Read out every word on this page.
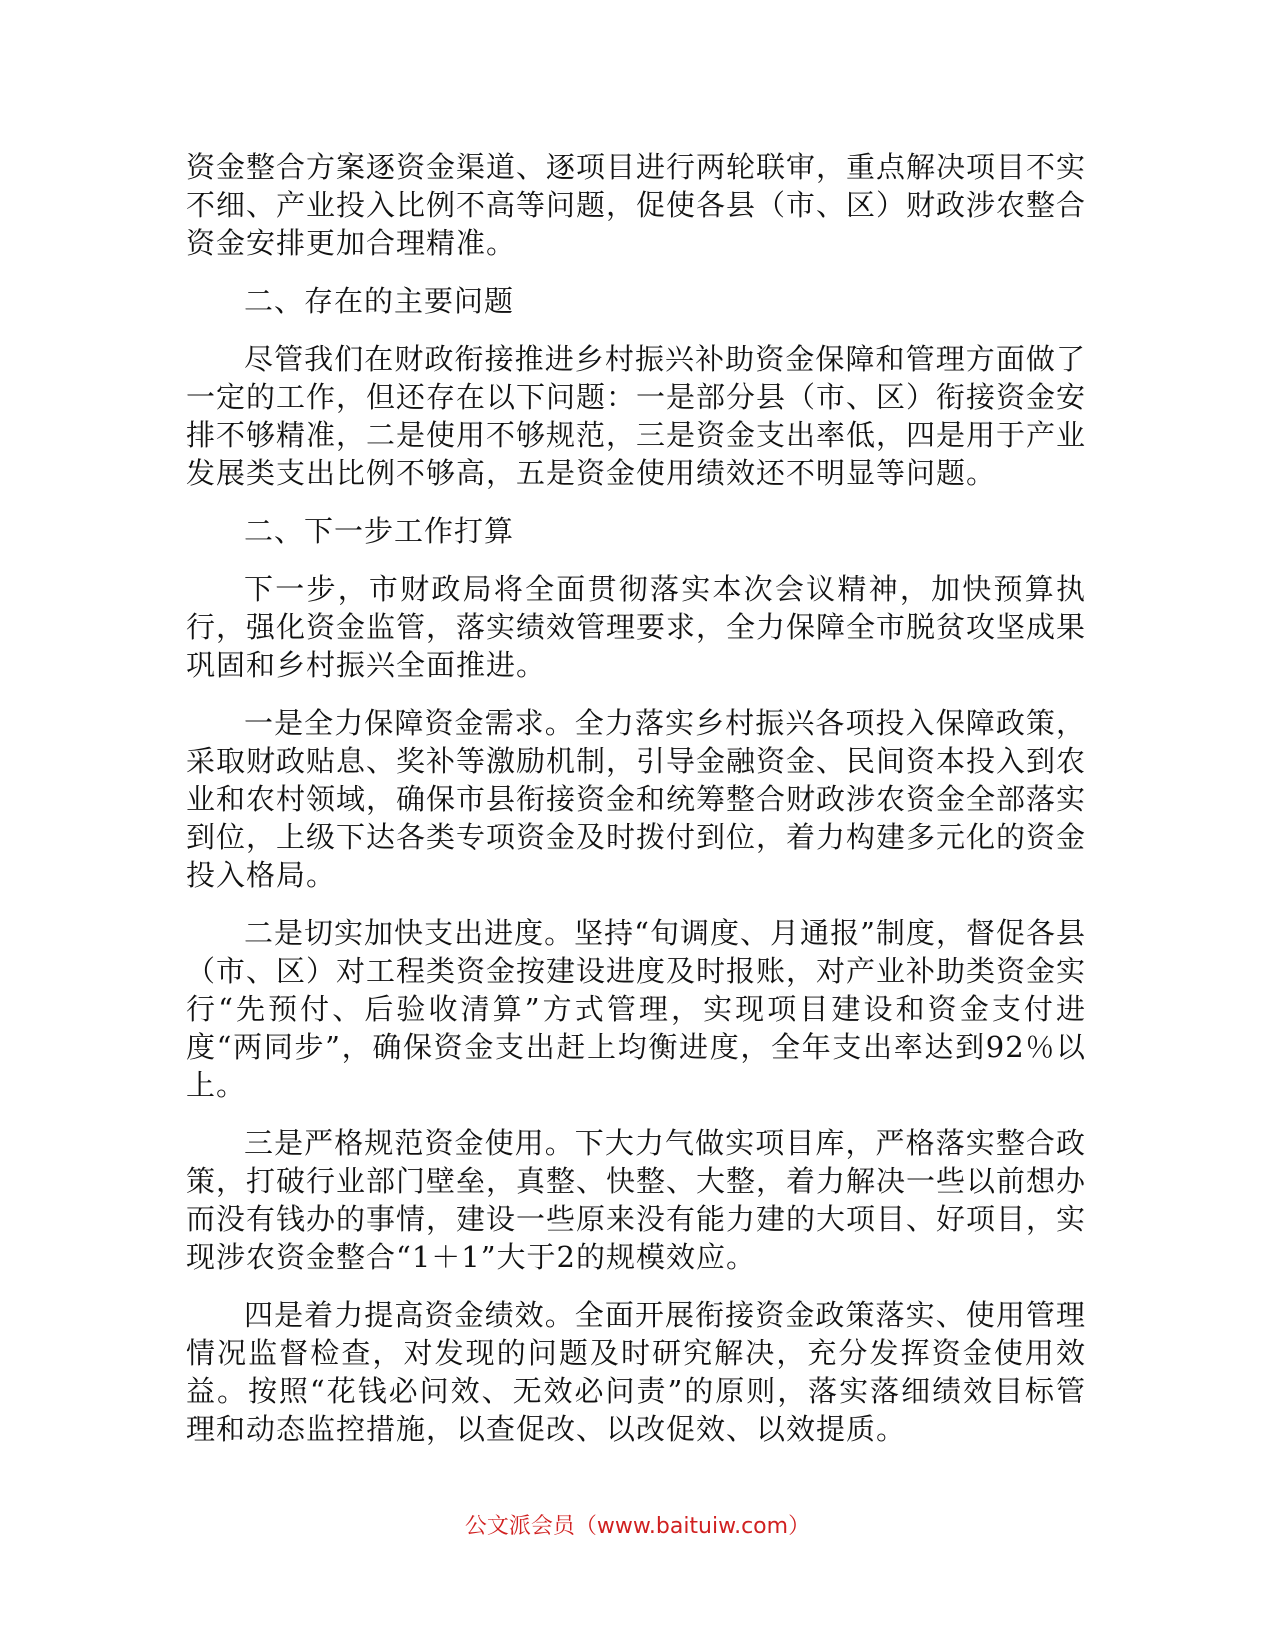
资金整合方案逐资金渠道、逐项目进行两轮联审，重点解决项目不实不细、产业投入比例不高等问题，促使各县（市、区）财政涉农整合资金安排更加合理精准。

二、存在的主要问题

尽管我们在财政衔接推进乡村振兴补助资金保障和管理方面做了一定的工作，但还存在以下问题：一是部分县（市、区）衔接资金安排不够精准，二是使用不够规范，三是资金支出率低，四是用于产业发展类支出比例不够高，五是资金使用绩效还不明显等问题。

二、下一步工作打算

下一步，市财政局将全面贯彻落实本次会议精神，加快预算执行，强化资金监管，落实绩效管理要求，全力保障全市脱贫攻坚成果巩固和乡村振兴全面推进。

一是全力保障资金需求。全力落实乡村振兴各项投入保障政策，采取财政贴息、奖补等激励机制，引导金融资金、民间资本投入到农业和农村领域，确保市县衔接资金和统筹整合财政涉农资金全部落实到位，上级下达各类专项资金及时拨付到位，着力构建多元化的资金投入格局。

二是切实加快支出进度。坚持“旬调度、月通报”制度，督促各县（市、区）对工程类资金按建设进度及时报账，对产业补助类资金实行“先预付、后验收清算”方式管理，实现项目建设和资金支付进度“两同步”，确保资金支出赶上均衡进度，全年支出率达到92％以上。

三是严格规范资金使用。下大力气做实项目库，严格落实整合政策，打破行业部门壁垒，真整、快整、大整，着力解决一些以前想办而没有钱办的事情，建设一些原来没有能力建的大项目、好项目，实现涉农资金整合“1＋1”大于2的规模效应。

四是着力提高资金绩效。全面开展衔接资金政策落实、使用管理情况监督检查，对发现的问题及时研究解决，充分发挥资金使用效益。按照“花钱必问效、无效必问责”的原则，落实落细绩效目标管理和动态监控措施，以查促改、以改促效、以效提质。

公文派会员（www.baituiw.com）
